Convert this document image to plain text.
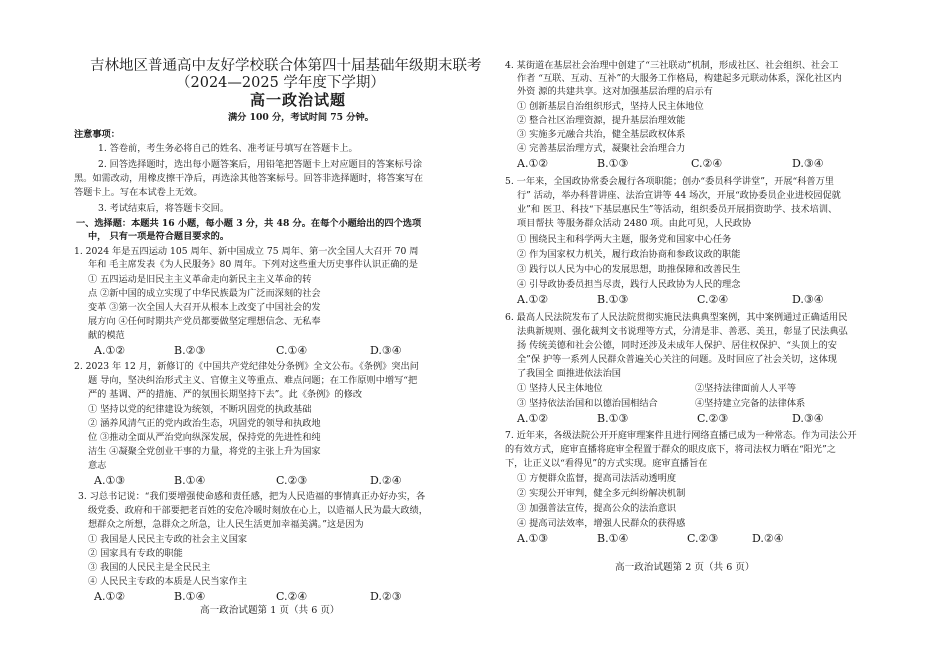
吉林地区普通高中友好学校联合体第四十届基础年级期末联考
（2024—2025 学年度下学期）
高一政治试题
满分 100 分，考试时间 75 分钟。
注意事项：
1. 答卷前，考生务必将自己的姓名、准考证号填写在答题卡上。
2. 回答选择题时，选出每小题答案后，用铅笔把答题卡上对应题目的答案标号涂
黑。如需改动，用橡皮擦干净后，再选涂其他答案标号。回答非选择题时，将答案写在
答题卡上。写在本试卷上无效。
3. 考试结束后，将答题卡交回。
一、选择题：本题共 16 小题，每小题 3 分，共 48 分。在每个小题给出的四个选项
中， 只有一项是符合题目要求的。
1. 2024 年是五四运动 105 周年、新中国成立 75 周年、第一次全国人大召开 70 周
年和 毛主席发表《为人民服务》80 周年。下列对这些重大历史事件认识正确的是
① 五四运动是旧民主主义革命走向新民主主义革命的转
点 ②新中国的成立实现了中华民族最为广泛而深刻的社会
变革 ③第一次全国人大召开从根本上改变了中国社会的发
展方向 ④任何时期共产党员都要做坚定理想信念、无私奉
献的模范
A.①②	B.②③	C.①④	D.③④
2. 2023 年 12 月，新修订的《中国共产党纪律处分条例》全文公布。《条例》突出问
题 导向，坚决纠治形式主义、官僚主义等重点、难点问题；在工作原则中增写“把
严的 基调、严的措施、严的氛围长期坚持下去”。此《条例》的修改
① 坚持以党的纪律建设为统领，不断巩固党的执政基础
② 涵养风清气正的党内政治生态，巩固党的领导和执政地
位 ③推动全面从严治党向纵深发展，保持党的先进性和纯
洁生 ④凝聚全党创业干事的力量，将党的主张上升为国家
意志
A.①③	B.①④	C.②③	D.②④
3. 习总书记说：“我们要增强使命感和责任感，把为人民造福的事情真正办好办实，各
级党委、政府和干部要把老百姓的安危冷暖时刻放在心上，以造福人民为最大政绩，
想群众之所想，急群众之所急，让人民生活更加幸福美满。”这是因为
① 我国是人民民主专政的社会主义国家
② 国家具有专政的职能
③ 我国的人民民主是全民民主
④ 人民民主专政的本质是人民当家作主
A.①②	B.①④	C.②④	D.②③
高一政治试题第 1 页（共 6 页）
4. 某街道在基层社会治理中创建了“三社联动”机制，形成社区、社会组织、社会工
作者 “互联、互动、互补”的大服务工作格局，构建起多元联动体系，深化社区内
外资 源的共建共享。这对加强基层治理的启示有
① 创新基层自治组织形式，坚持人民主体地位
② 整合社区治理资源，提升基层治理效能
③ 实施多元融合共治，健全基层政权体系
④ 完善基层治理方式，凝聚社会治理合力
A.①②	B.①③	C.②④	D.③④
5. 一年来，全国政协常委会履行各项职能；创办“委员科学讲堂”，开展“科普万里
行” 活动，举办科普讲座、法治宣讲等 44 场次，开展“政协委员企业进校园促就
业”和 医卫、科技“下基层惠民生”等活动，组织委员开展捐资助学、技术培训、
项目帮扶 等服务群众活动 2480 项。由此可见，人民政协
① 围绕民主和科学两大主题，服务党和国家中心任务
② 作为国家权力机关，履行政治协商和参政议政的职能
③ 践行以人民为中心的发展思想，助推保障和改善民生
④ 引导政协委员担当尽责，践行人民政协为人民的理念
A.①②	B.①③	C.②④	D.③④
6. 最高人民法院发布了人民法院贯彻实施民法典典型案例，其中案例通过正确适用民
法典新规则、强化裁判文书说理等方式，分清是非、善恶、美丑，彰显了民法典弘
扬 传统美德和社会公德，同时还涉及未成年人保护、居住权保护、“头顶上的安
全”保 护等一系列人民群众普遍关心关注的问题。及时回应了社会关切，这体现
了我国全 面推进依法治国
① 坚持人民主体地位	②坚持法律面前人人平等
③ 坚持依法治国和以德治国相结合	④坚持建立完备的法律体系
A.①②	B.①③	C.②③	D.③④
7. 近年来，各级法院公开开庭审理案件且进行网络直播已成为一种常态。作为司法公开
的有效方式，庭审直播将庭审全程置于群众的眼皮底下，将司法权力晒在“阳光”之
下，让正义以“看得见”的方式实现。庭审直播旨在
① 方便群众监督，提高司法活动透明度
② 实现公开审判，健全多元纠纷解决机制
③ 加强普法宣传，提高公众的法治意识
④ 提高司法效率，增强人民群众的获得感
A.①③	B.①④	C.②③	D.②④
高一政治试题第 2 页（共 6 页）
